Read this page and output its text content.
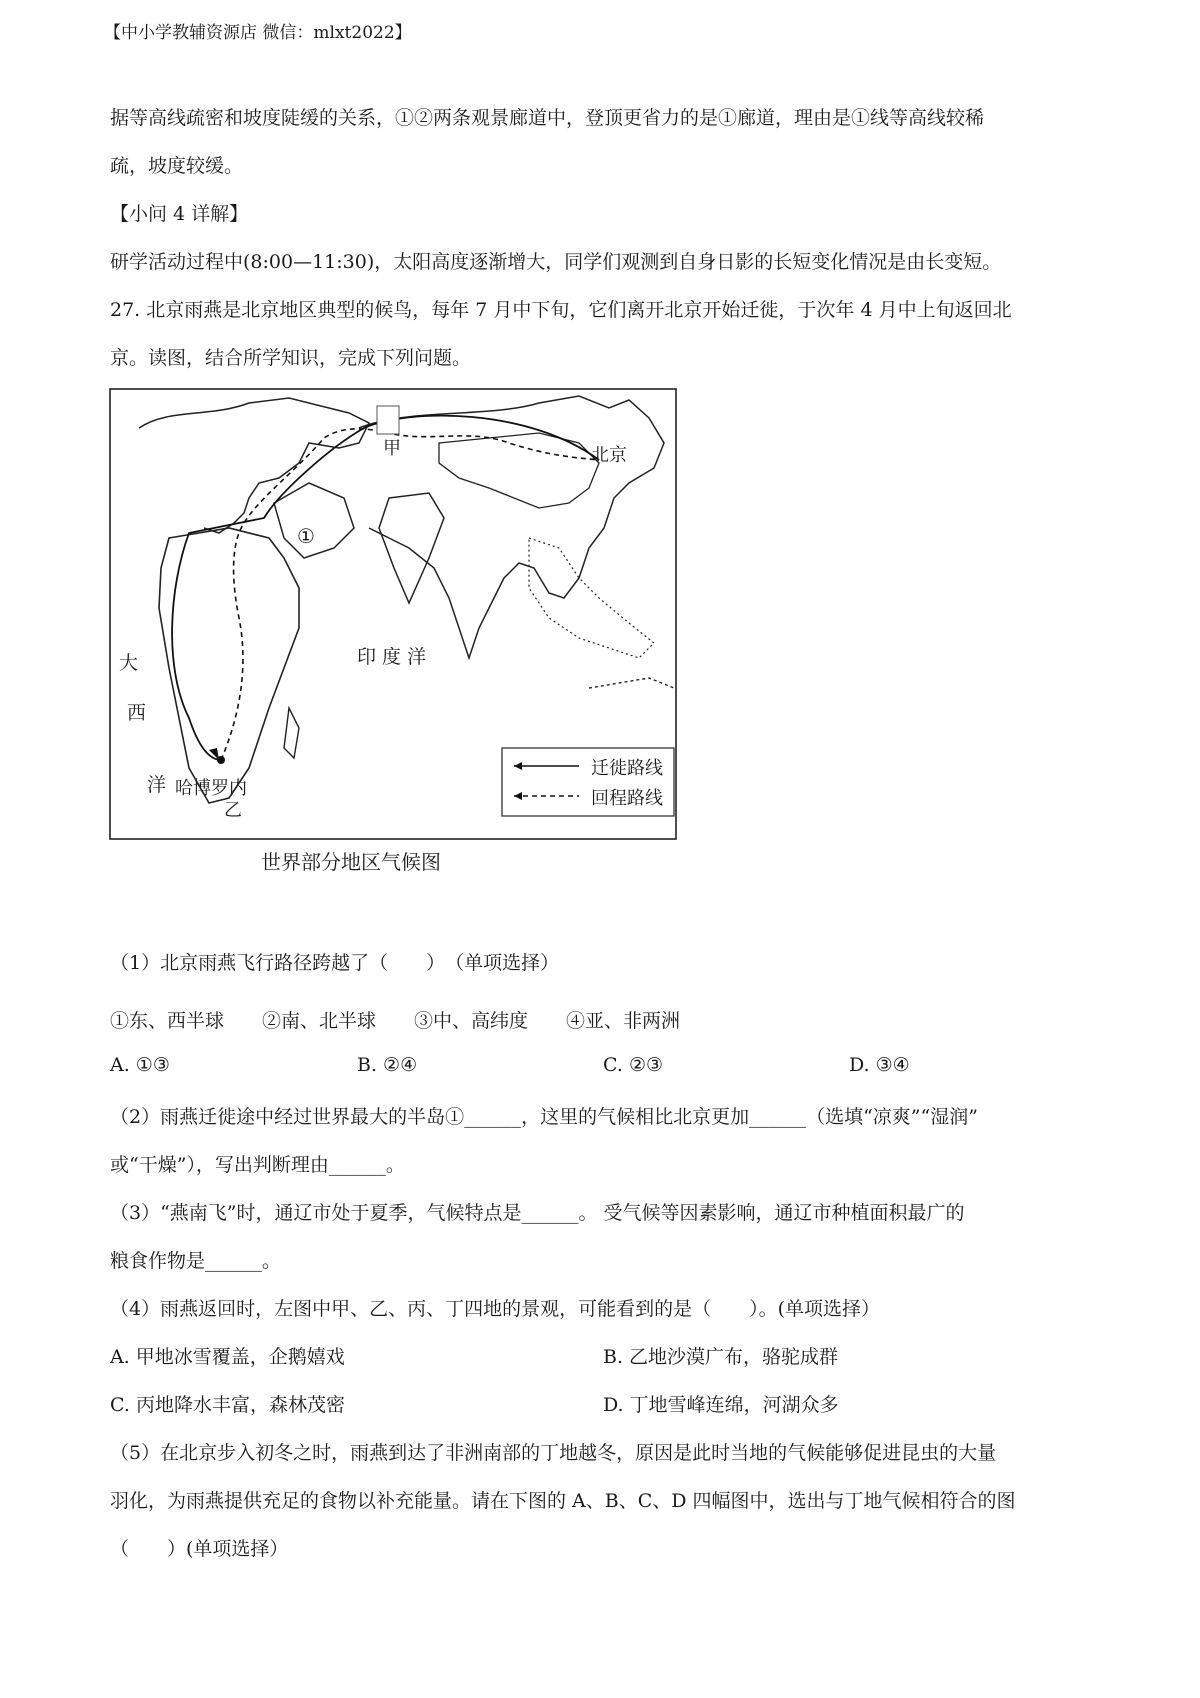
【中小学教辅资源店 微信：mlxt2022】
据等高线疏密和坡度陡缓的关系，①②两条观景廊道中，登顶更省力的是①廊道，理由是①线等高线较稀
疏，坡度较缓。
【小问 4 详解】
研学活动过程中(8:00—11:30)，太阳高度逐渐增大，同学们观测到自身日影的长短变化情况是由长变短。
27. 北京雨燕是北京地区典型的候鸟，每年 7 月中下旬，它们离开北京开始迁徙，于次年 4 月中上旬返回北
京。读图，结合所学知识，完成下列问题。
甲	北京
①
印 度 洋
大
西
洋 哈博罗内
乙
迁徙路线
回程路线
世界部分地区气候图
（1）北京雨燕飞行路径跨越了（　　）　（单项选择）
①东、西半球　　②南、北半球　　③中、高纬度　　④亚、非两洲
A. ①③	B. ②④	C. ②③	D. ③④
（2）雨燕迁徙途中经过世界最大的半岛①______，这里的气候相比北京更加______（选填“凉爽”“湿润”
或“干燥”），写出判断理由______。
（3）“燕南飞”时，通辽市处于夏季，气候特点是______。 受气候等因素影响，通辽市种植面积最广的
粮食作物是______。
（4）雨燕返回时，左图中甲、乙、丙、丁四地的景观，可能看到的是（　　）。(单项选择）
A. 甲地冰雪覆盖，企鹅嬉戏	B. 乙地沙漠广布，骆驼成群
C. 丙地降水丰富，森林茂密	D. 丁地雪峰连绵，河湖众多
（5）在北京步入初冬之时，雨燕到达了非洲南部的丁地越冬，原因是此时当地的气候能够促进昆虫的大量
羽化，为雨燕提供充足的食物以补充能量。请在下图的 A、B、C、D 四幅图中，选出与丁地气候相符合的图
（　　）(单项选择）
